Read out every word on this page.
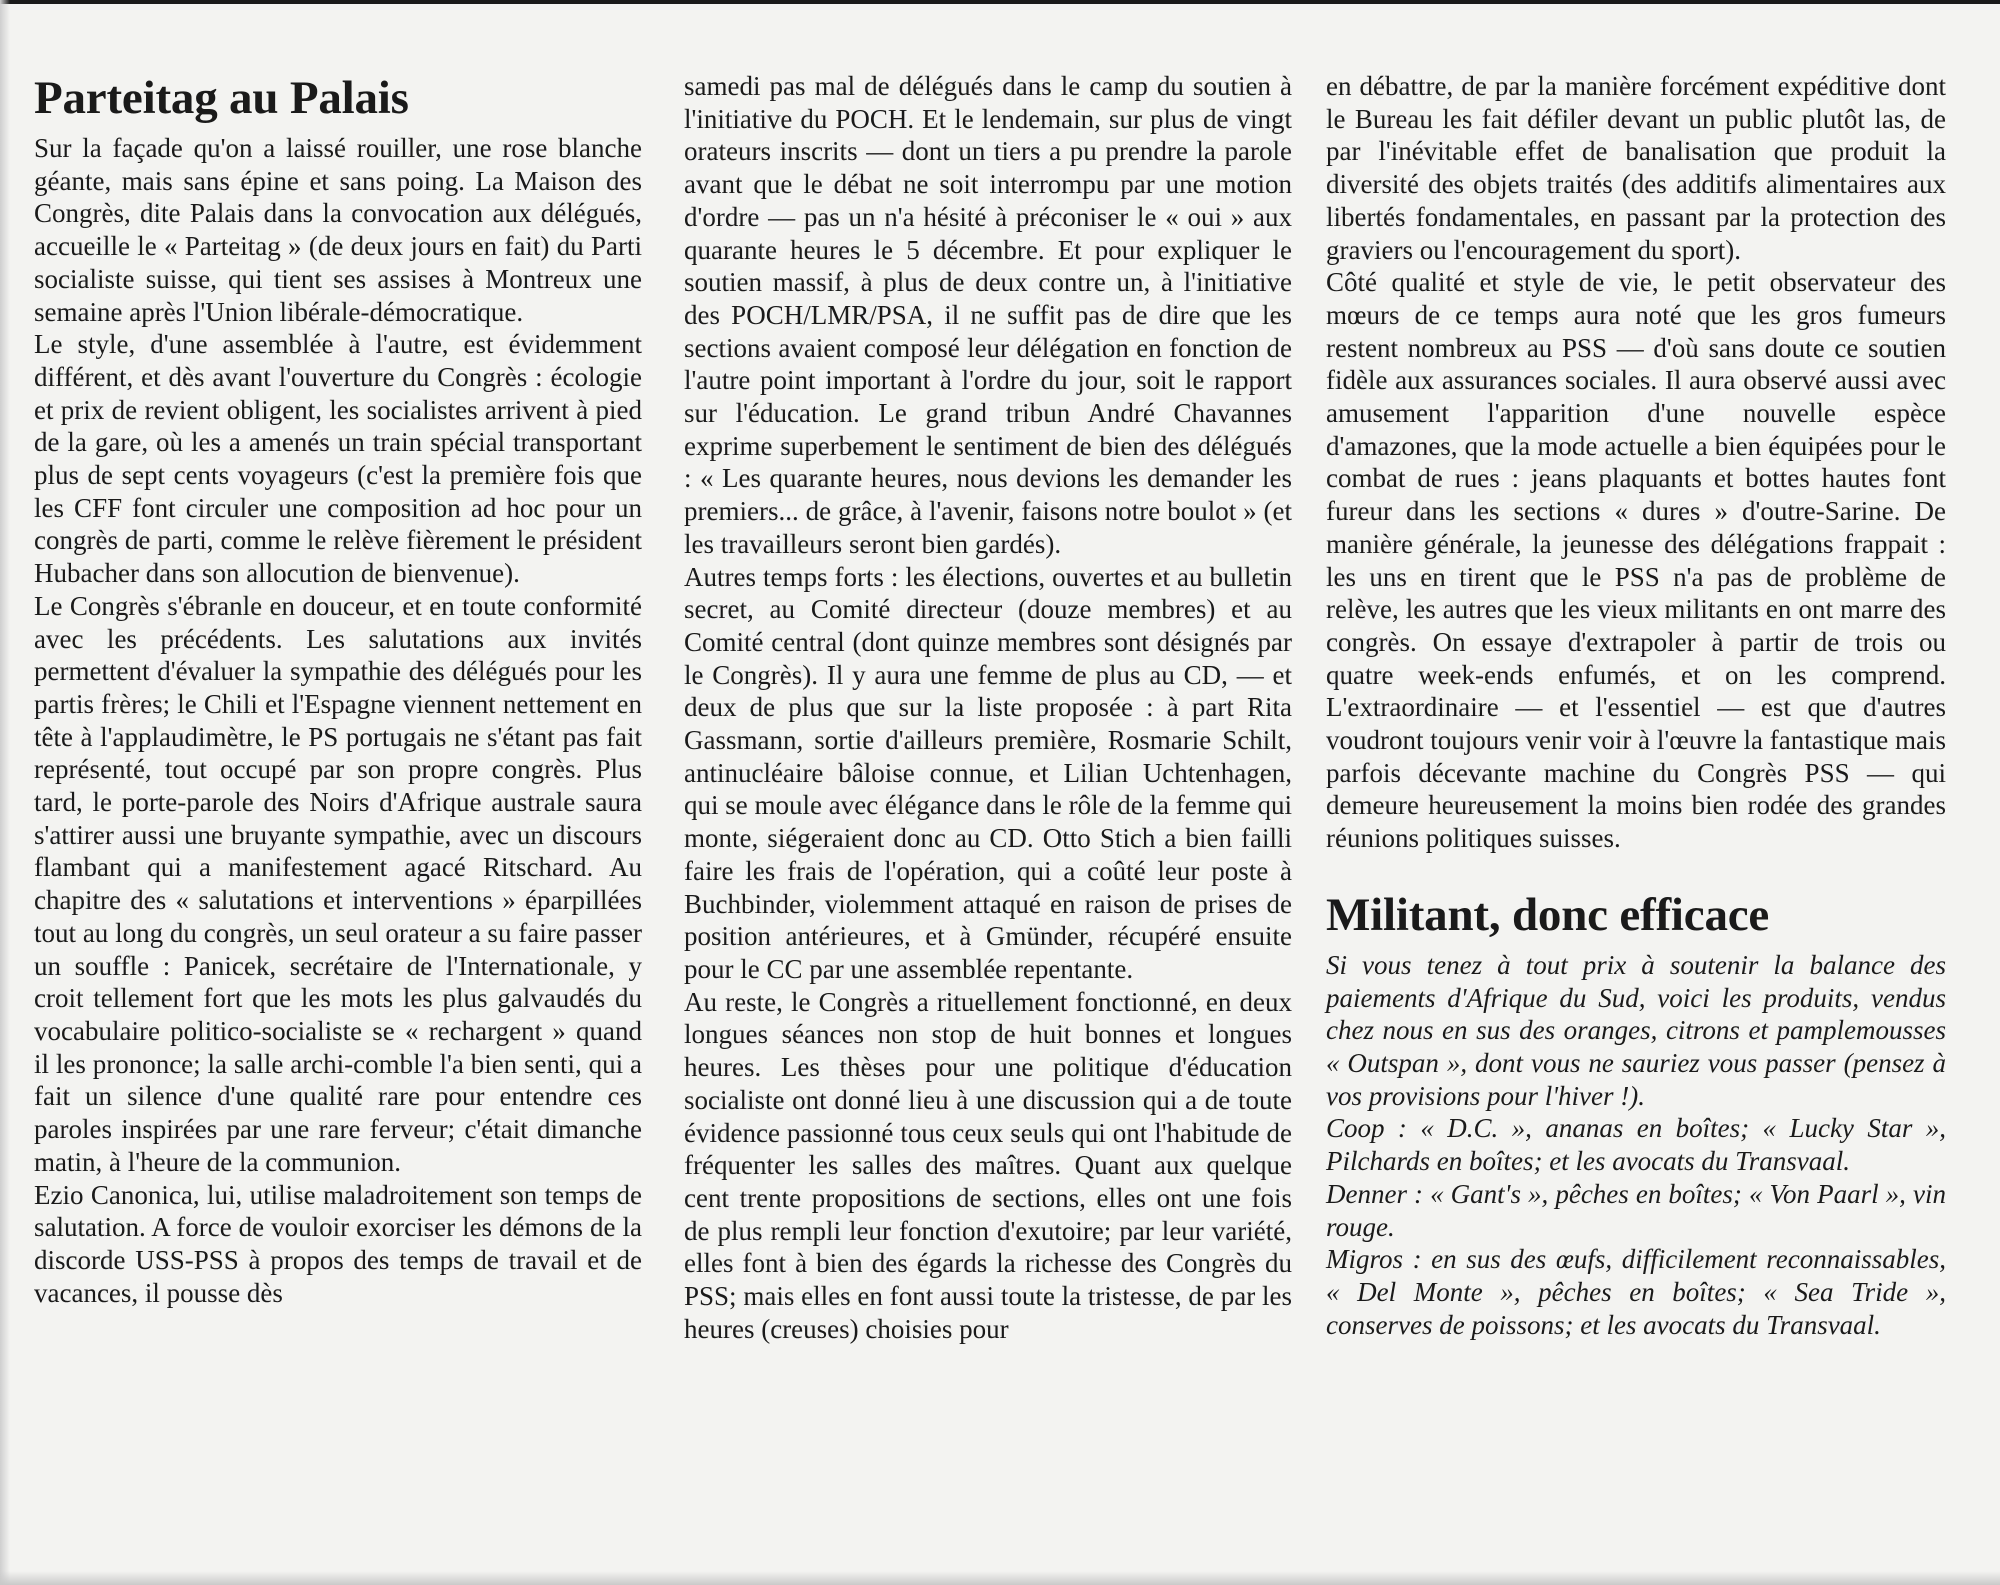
Parteitag au Palais

Sur la façade qu'on a laissé rouiller, une rose blanche géante, mais sans épine et sans poing. La Maison des Congrès, dite Palais dans la convocation aux délégués, accueille le « Parteitag » (de deux jours en fait) du Parti socialiste suisse, qui tient ses assises à Montreux une semaine après l'Union libérale-démocratique.

Le style, d'une assemblée à l'autre, est évidemment différent, et dès avant l'ouverture du Congrès : écologie et prix de revient obligent, les socialistes arrivent à pied de la gare, où les a amenés un train spécial transportant plus de sept cents voyageurs (c'est la première fois que les CFF font circuler une composition ad hoc pour un congrès de parti, comme le relève fièrement le président Hubacher dans son allocution de bienvenue).

Le Congrès s'ébranle en douceur, et en toute conformité avec les précédents. Les salutations aux invités permettent d'évaluer la sympathie des délégués pour les partis frères; le Chili et l'Espagne viennent nettement en tête à l'applaudimètre, le PS portugais ne s'étant pas fait représenté, tout occupé par son propre congrès. Plus tard, le porte-parole des Noirs d'Afrique australe saura s'attirer aussi une bruyante sympathie, avec un discours flambant qui a manifestement agacé Ritschard. Au chapitre des « salutations et interventions » éparpillées tout au long du congrès, un seul orateur a su faire passer un souffle : Panicek, secrétaire de l'Internationale, y croit tellement fort que les mots les plus galvaudés du vocabulaire politico-socialiste se « rechargent » quand il les prononce; la salle archi-comble l'a bien senti, qui a fait un silence d'une qualité rare pour entendre ces paroles inspirées par une rare ferveur; c'était dimanche matin, à l'heure de la communion.

Ezio Canonica, lui, utilise maladroitement son temps de salutation. A force de vouloir exorciser les démons de la discorde USS-PSS à propos des temps de travail et de vacances, il pousse dès

samedi pas mal de délégués dans le camp du soutien à l'initiative du POCH. Et le lendemain, sur plus de vingt orateurs inscrits — dont un tiers a pu prendre la parole avant que le débat ne soit interrompu par une motion d'ordre — pas un n'a hésité à préconiser le « oui » aux quarante heures le 5 décembre. Et pour expliquer le soutien massif, à plus de deux contre un, à l'initiative des POCH/LMR/PSA, il ne suffit pas de dire que les sections avaient composé leur délégation en fonction de l'autre point important à l'ordre du jour, soit le rapport sur l'éducation. Le grand tribun André Chavannes exprime superbement le sentiment de bien des délégués : « Les quarante heures, nous devions les demander les premiers... de grâce, à l'avenir, faisons notre boulot » (et les travailleurs seront bien gardés).

Autres temps forts : les élections, ouvertes et au bulletin secret, au Comité directeur (douze membres) et au Comité central (dont quinze membres sont désignés par le Congrès). Il y aura une femme de plus au CD, — et deux de plus que sur la liste proposée : à part Rita Gassmann, sortie d'ailleurs première, Rosmarie Schilt, antinucléaire bâloise connue, et Lilian Uchtenhagen, qui se moule avec élégance dans le rôle de la femme qui monte, siégeraient donc au CD. Otto Stich a bien failli faire les frais de l'opération, qui a coûté leur poste à Buchbinder, violemment attaqué en raison de prises de position antérieures, et à Gmünder, récupéré ensuite pour le CC par une assemblée repentante.

Au reste, le Congrès a rituellement fonctionné, en deux longues séances non stop de huit bonnes et longues heures. Les thèses pour une politique d'éducation socialiste ont donné lieu à une discussion qui a de toute évidence passionné tous ceux seuls qui ont l'habitude de fréquenter les salles des maîtres. Quant aux quelque cent trente propositions de sections, elles ont une fois de plus rempli leur fonction d'exutoire; par leur variété, elles font à bien des égards la richesse des Congrès du PSS; mais elles en font aussi toute la tristesse, de par les heures (creuses) choisies pour

en débattre, de par la manière forcément expéditive dont le Bureau les fait défiler devant un public plutôt las, de par l'inévitable effet de banalisation que produit la diversité des objets traités (des additifs alimentaires aux libertés fondamentales, en passant par la protection des graviers ou l'encouragement du sport).

Côté qualité et style de vie, le petit observateur des mœurs de ce temps aura noté que les gros fumeurs restent nombreux au PSS — d'où sans doute ce soutien fidèle aux assurances sociales. Il aura observé aussi avec amusement l'apparition d'une nouvelle espèce d'amazones, que la mode actuelle a bien équipées pour le combat de rues : jeans plaquants et bottes hautes font fureur dans les sections « dures » d'outre-Sarine. De manière générale, la jeunesse des délégations frappait : les uns en tirent que le PSS n'a pas de problème de relève, les autres que les vieux militants en ont marre des congrès. On essaye d'extrapoler à partir de trois ou quatre week-ends enfumés, et on les comprend. L'extraordinaire — et l'essentiel — est que d'autres voudront toujours venir voir à l'œuvre la fantastique mais parfois décevante machine du Congrès PSS — qui demeure heureusement la moins bien rodée des grandes réunions politiques suisses.

Militant, donc efficace

Si vous tenez à tout prix à soutenir la balance des paiements d'Afrique du Sud, voici les produits, vendus chez nous en sus des oranges, citrons et pamplemousses « Outspan », dont vous ne sauriez vous passer (pensez à vos provisions pour l'hiver !).

Coop : « D.C. », ananas en boîtes; « Lucky Star », Pilchards en boîtes; et les avocats du Transvaal.

Denner : « Gant's », pêches en boîtes; « Von Paarl », vin rouge.

Migros : en sus des œufs, difficilement reconnaissables, « Del Monte », pêches en boîtes; « Sea Tride », conserves de poissons; et les avocats du Transvaal.
